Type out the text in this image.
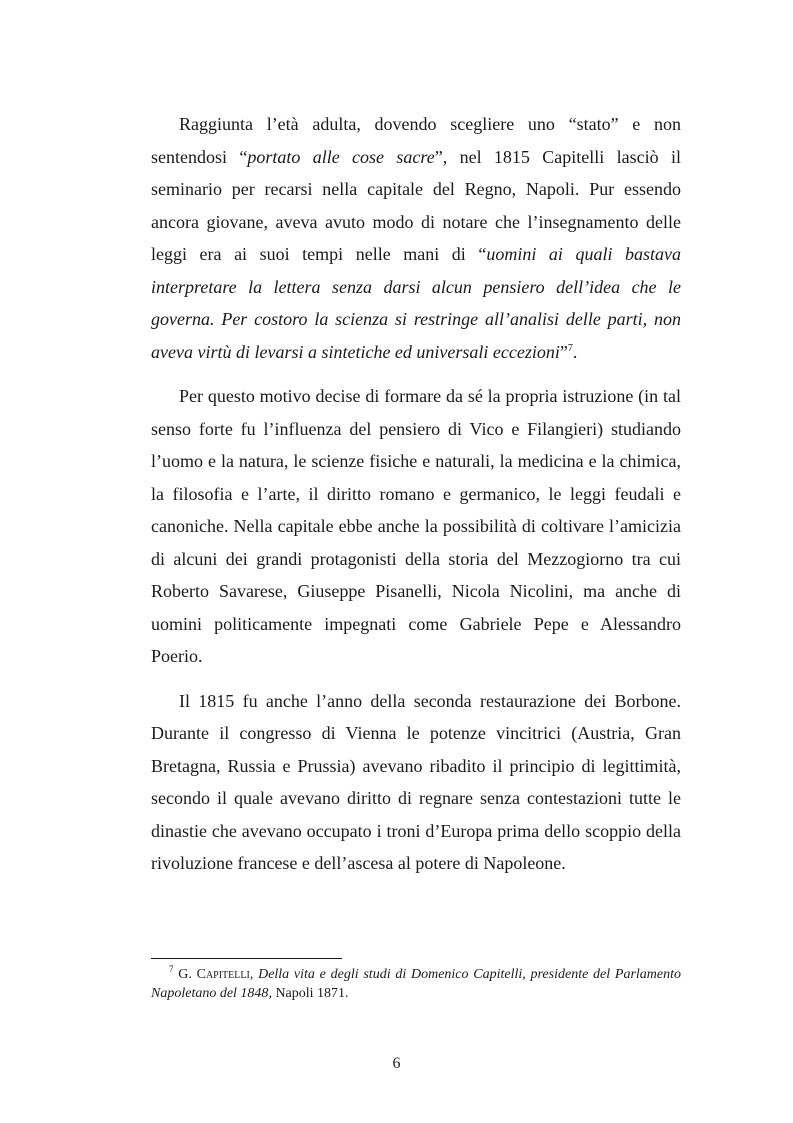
Raggiunta l’età adulta, dovendo scegliere uno “stato” e non sentendosi “portato alle cose sacre”, nel 1815 Capitelli lasciò il seminario per recarsi nella capitale del Regno, Napoli. Pur essendo ancora giovane, aveva avuto modo di notare che l’insegnamento delle leggi era ai suoi tempi nelle mani di “uomini ai quali bastava interpretare la lettera senza darsi alcun pensiero dell’idea che le governa. Per costoro la scienza si restringe all’analisi delle parti, non aveva virtù di levarsi a sintetiche ed universali eccezioni”$^7$.

Per questo motivo decise di formare da sé la propria istruzione (in tal senso forte fu l’influenza del pensiero di Vico e Filangieri) studiando l’uomo e la natura, le scienze fisiche e naturali, la medicina e la chimica, la filosofia e l’arte, il diritto romano e germanico, le leggi feudali e canoniche. Nella capitale ebbe anche la possibilità di coltivare l’amicizia di alcuni dei grandi protagonisti della storia del Mezzogiorno tra cui Roberto Savarese, Giuseppe Pisanelli, Nicola Nicolini, ma anche di uomini politicamente impegnati come Gabriele Pepe e Alessandro Poerio.

Il 1815 fu anche l’anno della seconda restaurazione dei Borbone. Durante il congresso di Vienna le potenze vincitrici (Austria, Gran Bretagna, Russia e Prussia) avevano ribadito il principio di legittimità, secondo il quale avevano diritto di regnare senza contestazioni tutte le dinastie che avevano occupato i troni d’Europa prima dello scoppio della rivoluzione francese e dell’ascesa al potere di Napoleone.

$^7$ G. Capitelli, Della vita e degli studi di Domenico Capitelli, presidente del Parlamento Napoletano del 1848, Napoli 1871.

6
